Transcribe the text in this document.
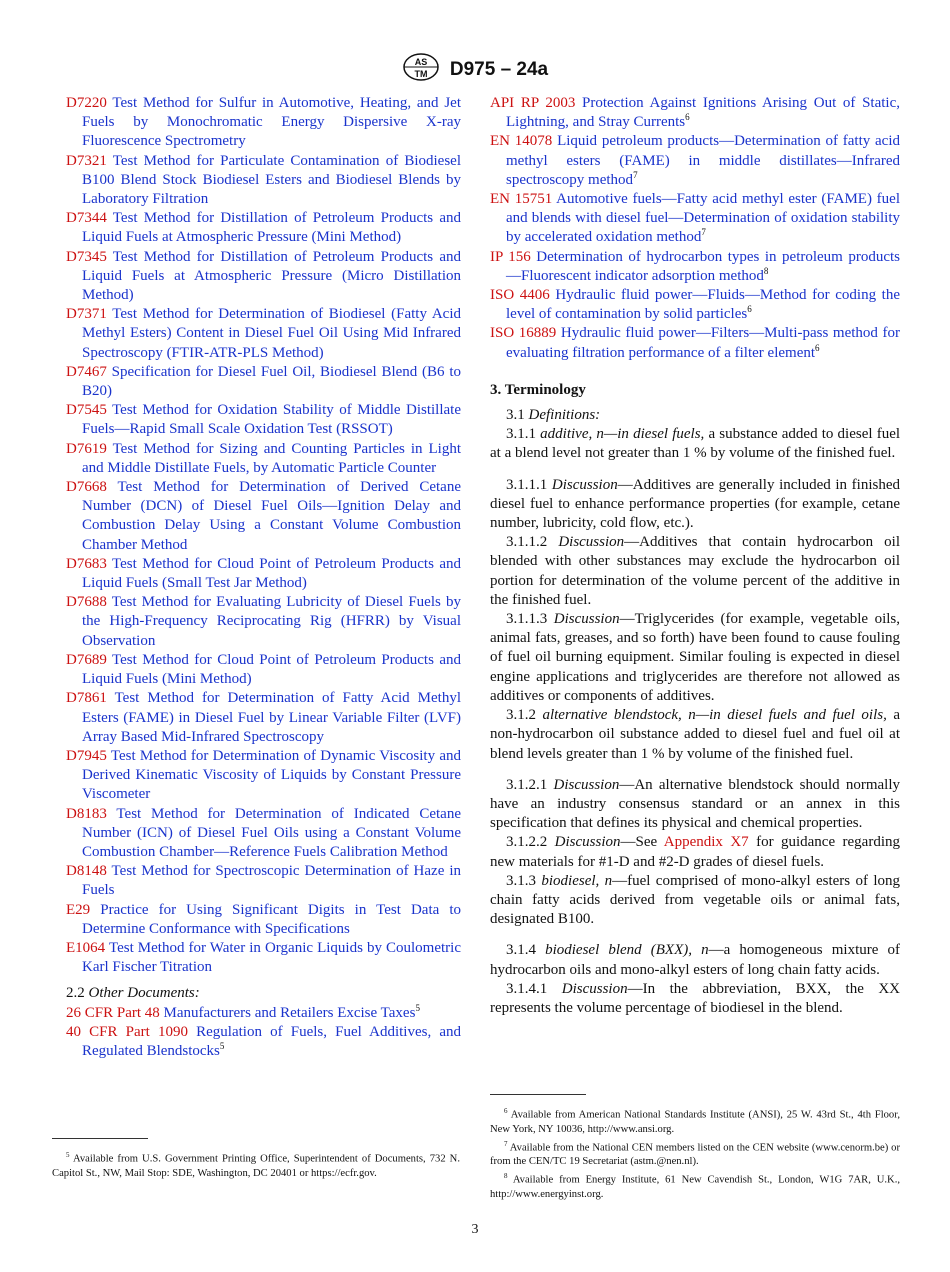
AS
TM D975 – 24a

D7220 Test Method for Sulfur in Automotive, Heating, and Jet Fuels by Monochromatic Energy Dispersive X-ray Fluorescence Spectrometry

D7321 Test Method for Particulate Contamination of Biodiesel B100 Blend Stock Biodiesel Esters and Biodiesel Blends by Laboratory Filtration

D7344 Test Method for Distillation of Petroleum Products and Liquid Fuels at Atmospheric Pressure (Mini Method)

D7345 Test Method for Distillation of Petroleum Products and Liquid Fuels at Atmospheric Pressure (Micro Distillation Method)

D7371 Test Method for Determination of Biodiesel (Fatty Acid Methyl Esters) Content in Diesel Fuel Oil Using Mid Infrared Spectroscopy (FTIR-ATR-PLS Method)

D7467 Specification for Diesel Fuel Oil, Biodiesel Blend (B6 to B20)

D7545 Test Method for Oxidation Stability of Middle Distillate Fuels—Rapid Small Scale Oxidation Test (RSSOT)

D7619 Test Method for Sizing and Counting Particles in Light and Middle Distillate Fuels, by Automatic Particle Counter

D7668 Test Method for Determination of Derived Cetane Number (DCN) of Diesel Fuel Oils—Ignition Delay and Combustion Delay Using a Constant Volume Combustion Chamber Method

D7683 Test Method for Cloud Point of Petroleum Products and Liquid Fuels (Small Test Jar Method)

D7688 Test Method for Evaluating Lubricity of Diesel Fuels by the High-Frequency Reciprocating Rig (HFRR) by Visual Observation

D7689 Test Method for Cloud Point of Petroleum Products and Liquid Fuels (Mini Method)

D7861 Test Method for Determination of Fatty Acid Methyl Esters (FAME) in Diesel Fuel by Linear Variable Filter (LVF) Array Based Mid-Infrared Spectroscopy

D7945 Test Method for Determination of Dynamic Viscosity and Derived Kinematic Viscosity of Liquids by Constant Pressure Viscometer

D8183 Test Method for Determination of Indicated Cetane Number (ICN) of Diesel Fuel Oils using a Constant Volume Combustion Chamber—Reference Fuels Calibration Method

D8148 Test Method for Spectroscopic Determination of Haze in Fuels

E29 Practice for Using Significant Digits in Test Data to Determine Conformance with Specifications

E1064 Test Method for Water in Organic Liquids by Coulometric Karl Fischer Titration

2.2 Other Documents:

26 CFR Part 48 Manufacturers and Retailers Excise Taxes$^5$

40 CFR Part 1090 Regulation of Fuels, Fuel Additives, and Regulated Blendstocks$^5$

API RP 2003 Protection Against Ignitions Arising Out of Static, Lightning, and Stray Currents$^6$

EN 14078 Liquid petroleum products—Determination of fatty acid methyl esters (FAME) in middle distillates—Infrared spectroscopy method$^7$

EN 15751 Automotive fuels—Fatty acid methyl ester (FAME) fuel and blends with diesel fuel—Determination of oxidation stability by accelerated oxidation method$^7$

IP 156 Determination of hydrocarbon types in petroleum products—Fluorescent indicator adsorption method$^8$

ISO 4406 Hydraulic fluid power—Fluids—Method for coding the level of contamination by solid particles$^6$

ISO 16889 Hydraulic fluid power—Filters—Multi-pass method for evaluating filtration performance of a filter element$^6$

3. Terminology

3.1 Definitions:

3.1.1 additive, n—in diesel fuels, a substance added to diesel fuel at a blend level not greater than 1 % by volume of the finished fuel.

3.1.1.1 Discussion—Additives are generally included in finished diesel fuel to enhance performance properties (for example, cetane number, lubricity, cold flow, etc.).

3.1.1.2 Discussion—Additives that contain hydrocarbon oil blended with other substances may exclude the hydrocarbon oil portion for determination of the volume percent of the additive in the finished fuel.

3.1.1.3 Discussion—Triglycerides (for example, vegetable oils, animal fats, greases, and so forth) have been found to cause fouling of fuel oil burning equipment. Similar fouling is expected in diesel engine applications and triglycerides are therefore not allowed as additives or components of additives.

3.1.2 alternative blendstock, n—in diesel fuels and fuel oils, a non-hydrocarbon oil substance added to diesel fuel and fuel oil at blend levels greater than 1 % by volume of the finished fuel.

3.1.2.1 Discussion—An alternative blendstock should normally have an industry consensus standard or an annex in this specification that defines its physical and chemical properties.

3.1.2.2 Discussion—See Appendix X7 for guidance regarding new materials for #1-D and #2-D grades of diesel fuels.

3.1.3 biodiesel, n—fuel comprised of mono-alkyl esters of long chain fatty acids derived from vegetable oils or animal fats, designated B100.

3.1.4 biodiesel blend (BXX), n—a homogeneous mixture of hydrocarbon oils and mono-alkyl esters of long chain fatty acids.

3.1.4.1 Discussion—In the abbreviation, BXX, the XX represents the volume percentage of biodiesel in the blend.

$^5$ Available from U.S. Government Printing Office, Superintendent of Documents, 732 N. Capitol St., NW, Mail Stop: SDE, Washington, DC 20401 or https://ecfr.gov.

$^6$ Available from American National Standards Institute (ANSI), 25 W. 43rd St., 4th Floor, New York, NY 10036, http://www.ansi.org.

$^7$ Available from the National CEN members listed on the CEN website (www.cenorm.be) or from the CEN/TC 19 Secretariat (astm.@nen.nl).

$^8$ Available from Energy Institute, 61 New Cavendish St., London, W1G 7AR, U.K., http://www.energyinst.org.

3
